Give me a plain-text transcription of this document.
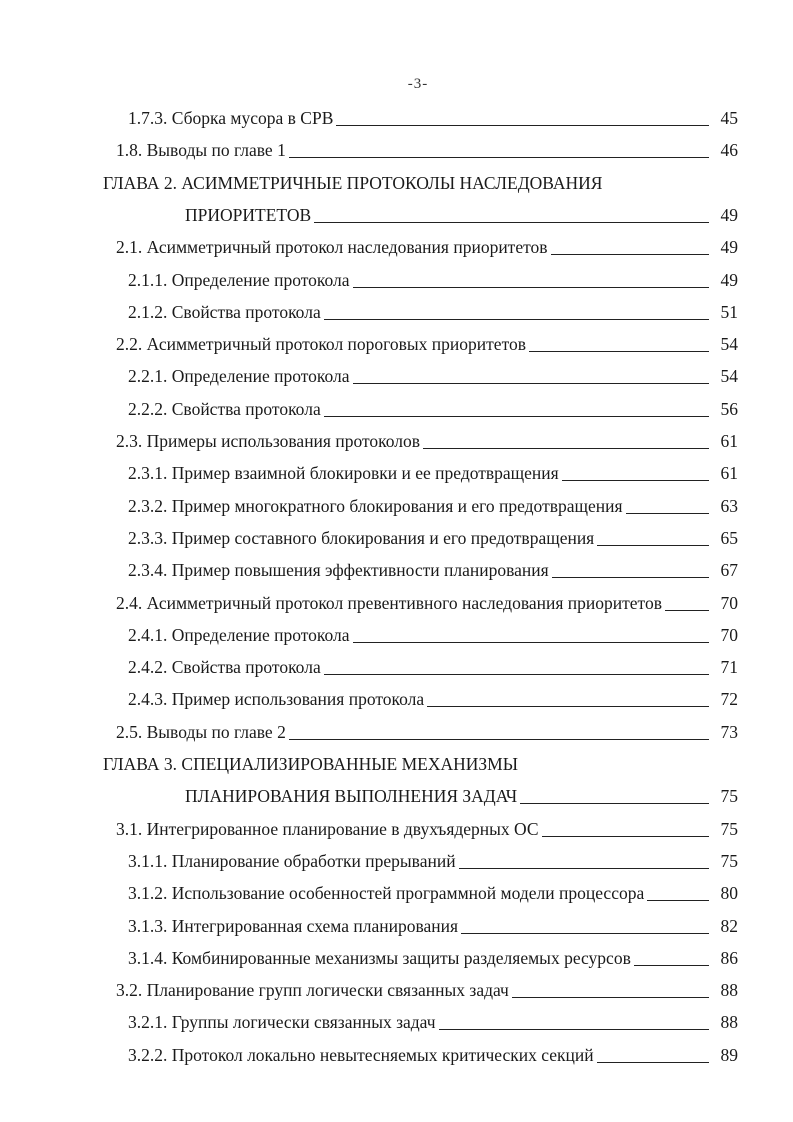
-3-
1.7.3. Сборка мусора в СРВ	45
1.8. Выводы по главе 1	46
ГЛАВА 2. АСИММЕТРИЧНЫЕ ПРОТОКОЛЫ НАСЛЕДОВАНИЯ
ПРИОРИТЕТОВ	49
2.1. Асимметричный протокол наследования приоритетов	49
2.1.1. Определение протокола	49
2.1.2. Свойства протокола	51
2.2. Асимметричный протокол пороговых приоритетов	54
2.2.1. Определение протокола	54
2.2.2. Свойства протокола	56
2.3. Примеры использования протоколов	61
2.3.1. Пример взаимной блокировки и ее предотвращения	61
2.3.2. Пример многократного блокирования и его предотвращения	63
2.3.3. Пример составного блокирования и его предотвращения	65
2.3.4. Пример повышения эффективности планирования	67
2.4. Асимметричный протокол превентивного наследования приоритетов	70
2.4.1. Определение протокола	70
2.4.2. Свойства протокола	71
2.4.3. Пример использования протокола	72
2.5. Выводы по главе 2	73
ГЛАВА 3. СПЕЦИАЛИЗИРОВАННЫЕ МЕХАНИЗМЫ
ПЛАНИРОВАНИЯ ВЫПОЛНЕНИЯ ЗАДАЧ	75
3.1. Интегрированное планирование в двухъядерных ОС	75
3.1.1. Планирование обработки прерываний	75
3.1.2. Использование особенностей программной модели процессора	80
3.1.3. Интегрированная схема планирования	82
3.1.4. Комбинированные механизмы защиты разделяемых ресурсов	86
3.2. Планирование групп логически связанных задач	88
3.2.1. Группы логически связанных задач	88
3.2.2. Протокол локально невытесняемых критических секций	89
